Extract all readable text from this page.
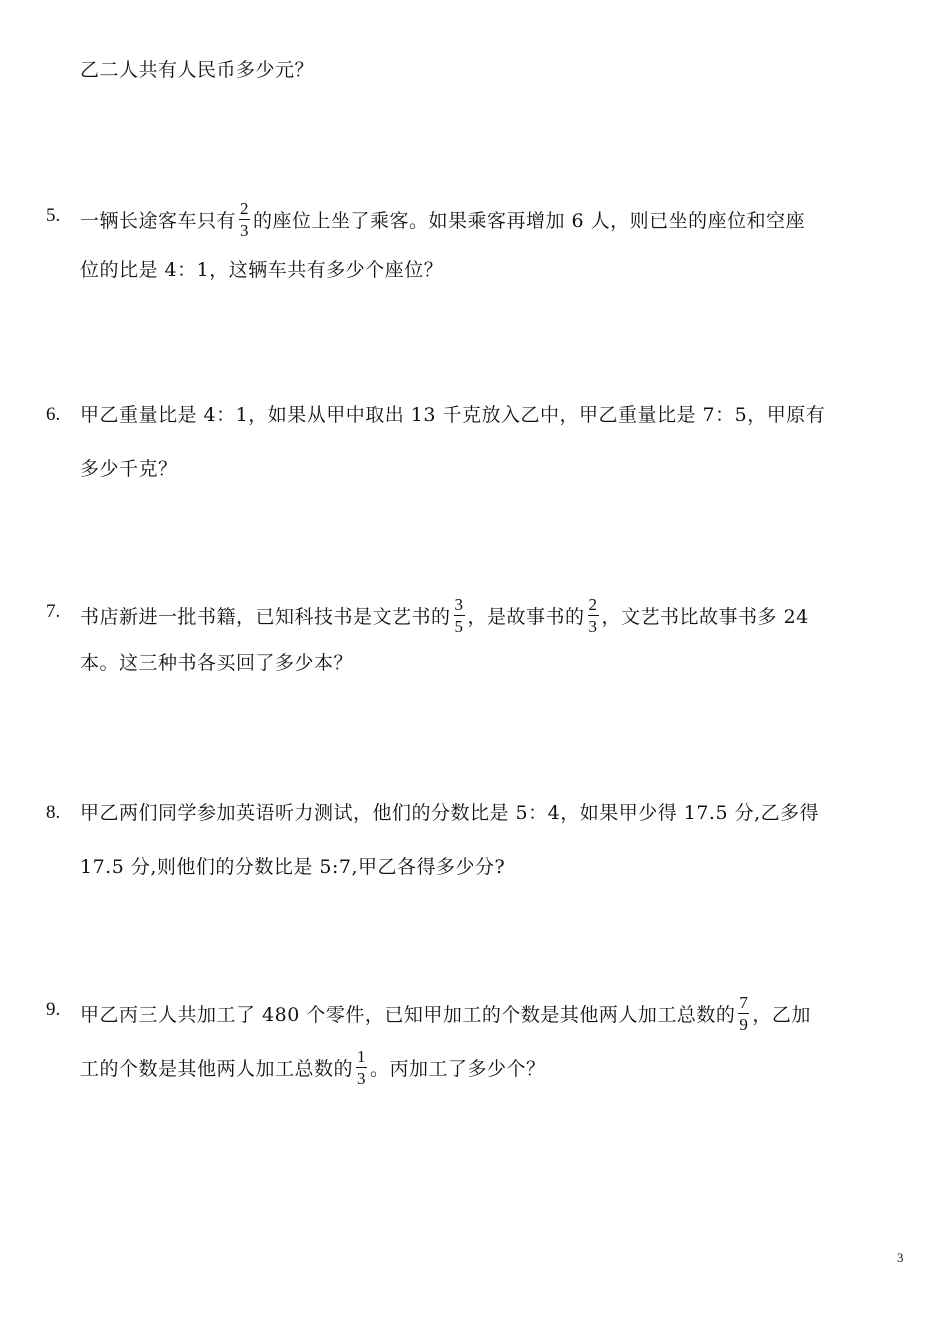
乙二人共有人民币多少元？
5. 一辆长途客车只有 $\frac{2}{3}$ 的座位上坐了乘客。如果乘客再增加 6 人，则已坐的座位和空座
位的比是 4：1，这辆车共有多少个座位？
6. 甲乙重量比是 4：1，如果从甲中取出 13 千克放入乙中，甲乙重量比是 7：5，甲原有
多少千克？
7. 书店新进一批书籍，已知科技书是文艺书的 $\frac{3}{5}$ ，是故事书的 $\frac{2}{3}$ ，文艺书比故事书多 24
本。这三种书各买回了多少本？
8. 甲乙两们同学参加英语听力测试，他们的分数比是 5：4，如果甲少得 17.5 分,乙多得
17.5 分,则他们的分数比是 5:7,甲乙各得多少分?
9. 甲乙丙三人共加工了 480 个零件，已知甲加工的个数是其他两人加工总数的 $\frac{7}{9}$ ，乙加
工的个数是其他两人加工总数的 $\frac{1}{3}$ 。丙加工了多少个？
3
